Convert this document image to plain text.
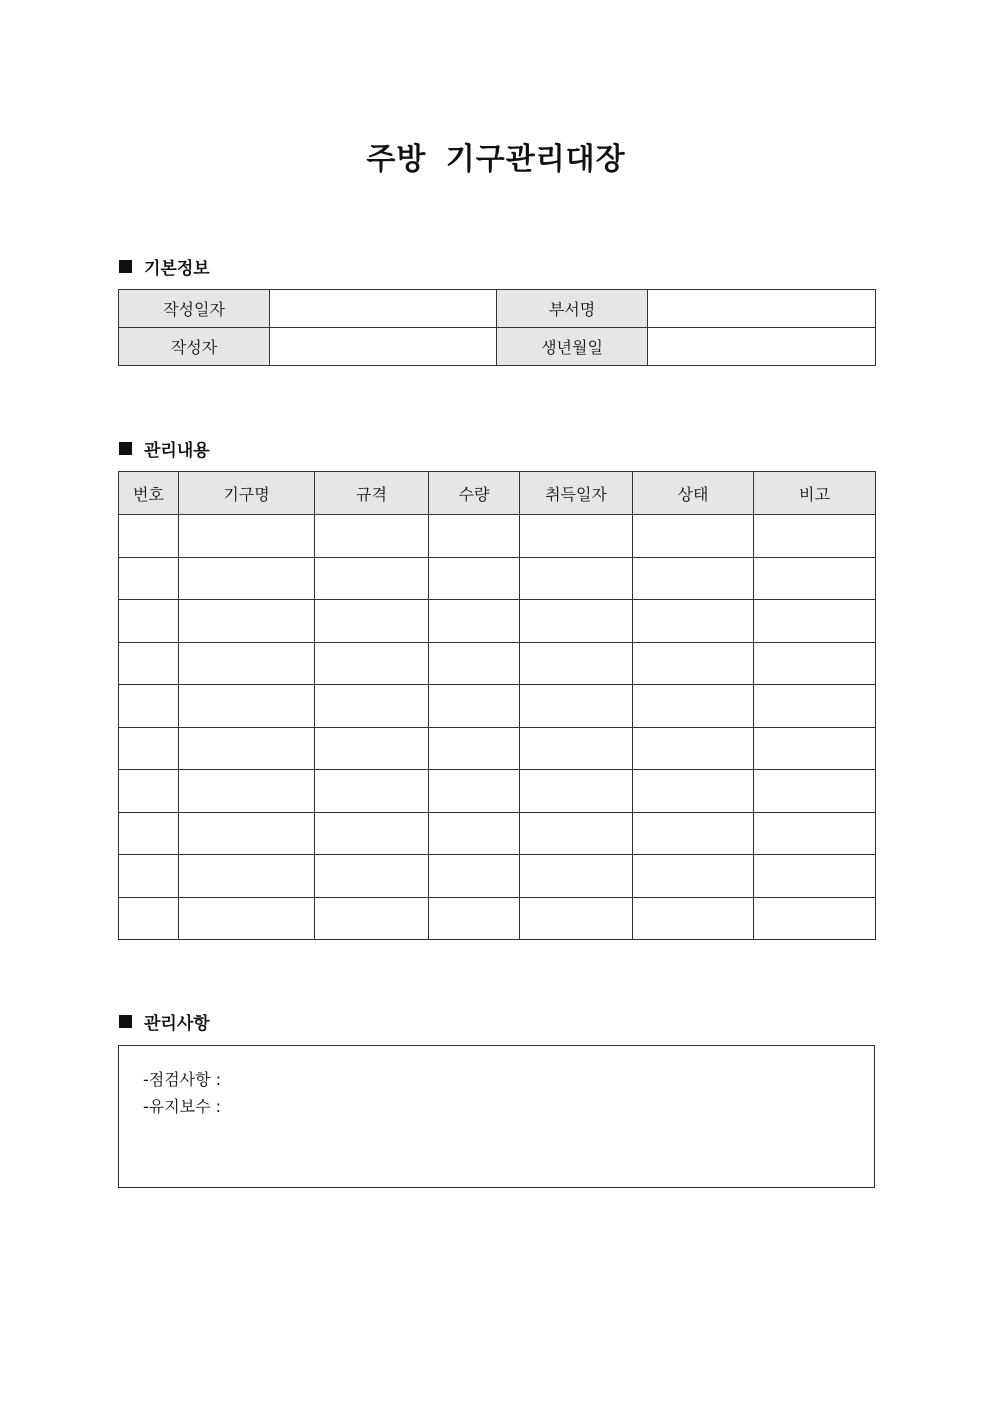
주방 기구관리대장
기본정보
작성일자		부서명	
작성자		생년월일	
관리내용
번호	기구명	규격	수량	취득일자	상태	비고

관리사항
-점검사항 :
-유지보수 :
